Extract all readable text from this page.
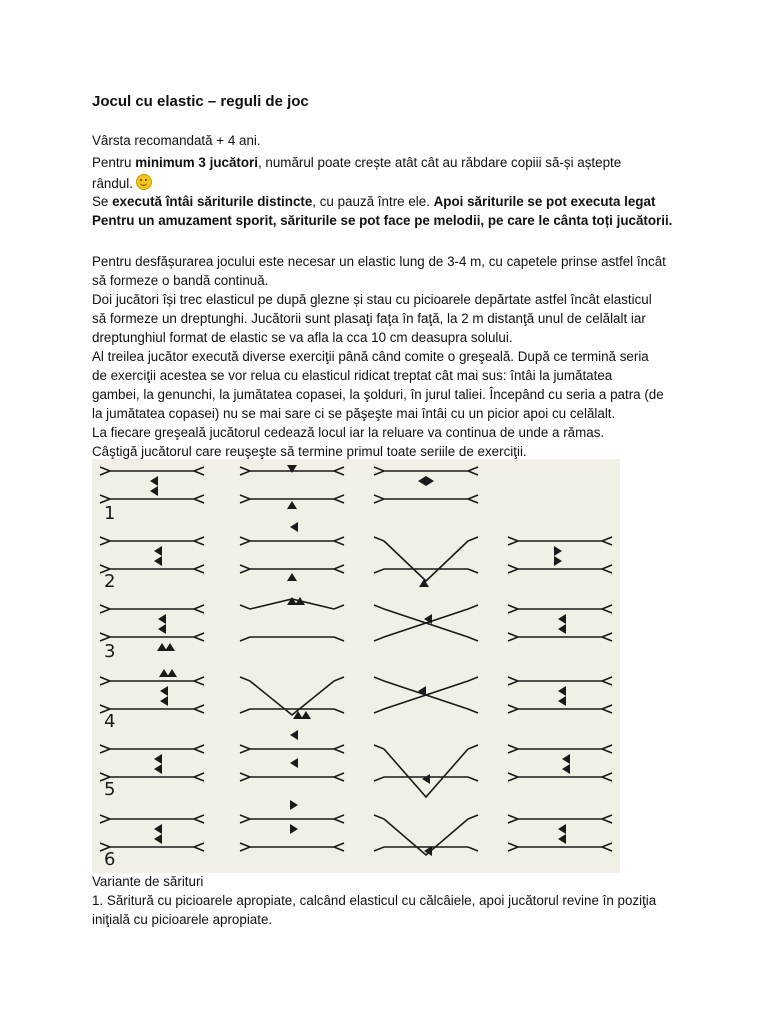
Jocul cu elastic – reguli de joc
Vârsta recomandată + 4 ani.
Pentru minimum 3 jucători, numărul poate crește atât cât au răbdare copiii să-și aștepte
rândul.
Se execută întâi săriturile distincte, cu pauză între ele. Apoi săriturile se pot executa legat
Pentru un amuzament sporit, săriturile se pot face pe melodii, pe care le cânta toți jucătorii.
Pentru desfășurarea jocului este necesar un elastic lung de 3-4 m, cu capetele prinse astfel încât
să formeze o bandă continuă.
Doi jucători își trec elasticul pe după glezne și stau cu picioarele depărtate astfel încât elasticul
să formeze un dreptunghi. Jucătorii sunt plasaţi faţa în faţă, la 2 m distanţă unul de celălalt iar
dreptunghiul format de elastic se va afla la cca 10 cm deasupra solului.
Al treilea jucător execută diverse exerciţii până când comite o greşeală. După ce termină seria
de exerciţii acestea se vor relua cu elasticul ridicat treptat cât mai sus: întâi la jumătatea
gambei, la genunchi, la jumătatea copasei, la şolduri, în jurul taliei. Începând cu seria a patra (de
la jumătatea copasei) nu se mai sare ci se păşeşte mai întâi cu un picior apoi cu celălalt.
La fiecare greşeală jucătorul cedează locul iar la reluare va continua de unde a rămas.
Câştigă jucătorul care reuşeşte să termine primul toate seriile de exerciţii.
1
2
3
4
5
6
Variante de sărituri
1. Săritură cu picioarele apropiate, calcând elasticul cu călcâiele, apoi jucătorul revine în poziţia
iniţială cu picioarele apropiate.
